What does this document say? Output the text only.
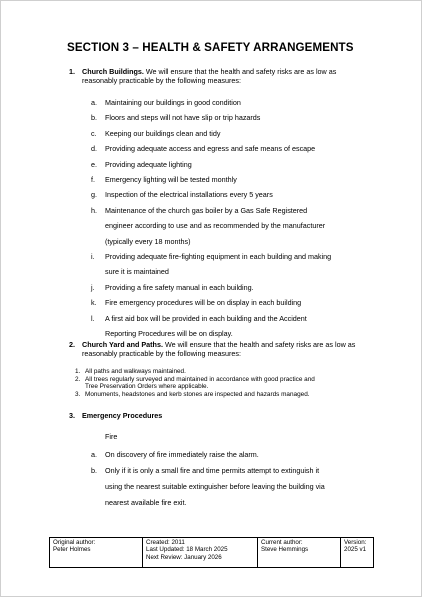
SECTION 3 – HEALTH & SAFETY ARRANGEMENTS
1. Church Buildings. We will ensure that the health and safety risks are as low as reasonably practicable by the following measures:
a.	Maintaining our buildings in good condition
b.	Floors and steps will not have slip or trip hazards
c.	Keeping our buildings clean and tidy
d.	Providing adequate access and egress and safe means of escape
e.	Providing adequate lighting
f.	Emergency lighting will be tested monthly
g.	Inspection of the electrical installations every 5 years
h.	Maintenance of the church gas boiler by a Gas Safe Registered
engineer according to use and as recommended by the manufacturer
(typically every 18 months)
i.	Providing adequate fire-fighting equipment in each building and making
sure it is maintained
j.	Providing a fire safety manual in each building.
k.	Fire emergency procedures will be on display in each building
l.	A first aid box will be provided in each building and the Accident
Reporting Procedures will be on display.
2. Church Yard and Paths. We will ensure that the health and safety risks are as low as reasonably practicable by the following measures:
1. All paths and walkways maintained.
2. All trees regularly surveyed and maintained in accordance with good practice and
Tree Preservation Orders where applicable.
3. Monuments, headstones and kerb stones are inspected and hazards managed.
3. Emergency Procedures
Fire
a.	On discovery of fire immediately raise the alarm.
b.	Only if it is only a small fire and time permits attempt to extinguish it
using the nearest suitable extinguisher before leaving the building via
nearest available fire exit.
Original author:
Peter Holmes

Created: 2011
Last Updated: 18 March 2025
Next Review: January 2026

Current author:
Steve Hemmings

Version:
2025 v1
